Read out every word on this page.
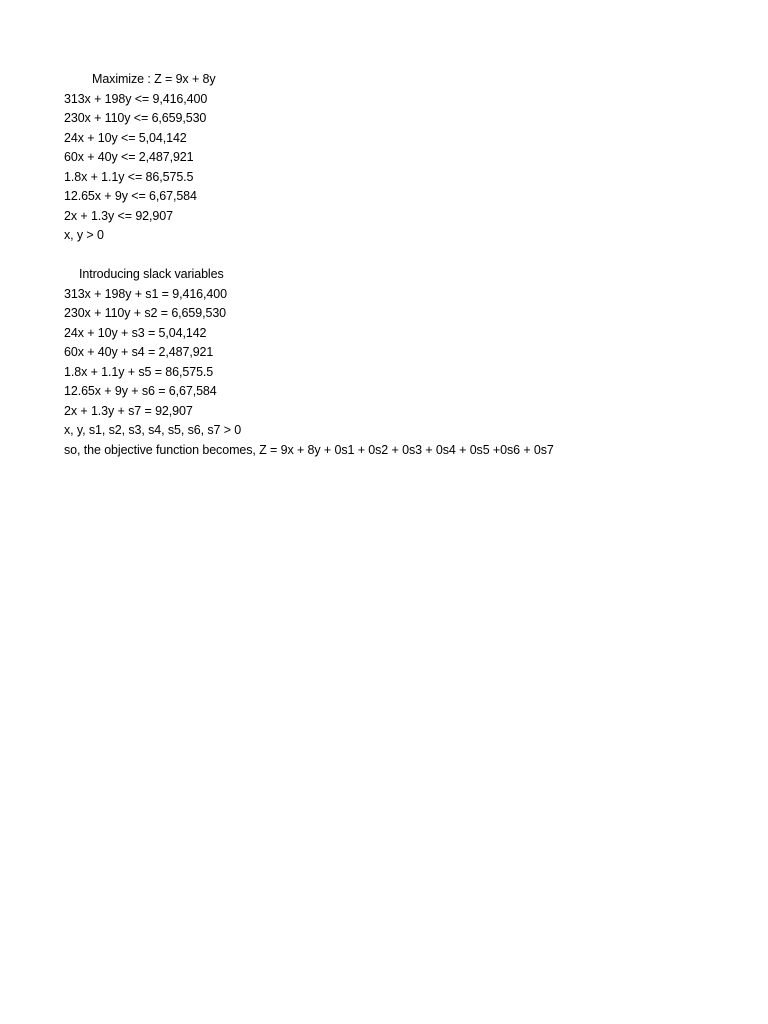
Maximize : Z = 9x + 8y
313x + 198y <= 9,416,400
230x + 110y <= 6,659,530
24x + 10y <= 5,04,142
60x + 40y <= 2,487,921
1.8x + 1.1y <= 86,575.5
12.65x + 9y <= 6,67,584
2x + 1.3y <= 92,907
x, y > 0
Introducing slack variables
313x + 198y + s1 = 9,416,400
230x + 110y + s2 = 6,659,530
24x + 10y + s3 = 5,04,142
60x + 40y + s4 = 2,487,921
1.8x + 1.1y + s5 = 86,575.5
12.65x + 9y + s6 = 6,67,584
2x + 1.3y + s7 = 92,907
x, y, s1, s2, s3, s4, s5, s6, s7 > 0
so, the objective function becomes, Z = 9x + 8y + 0s1 + 0s2 + 0s3 + 0s4 + 0s5 +0s6 + 0s7
